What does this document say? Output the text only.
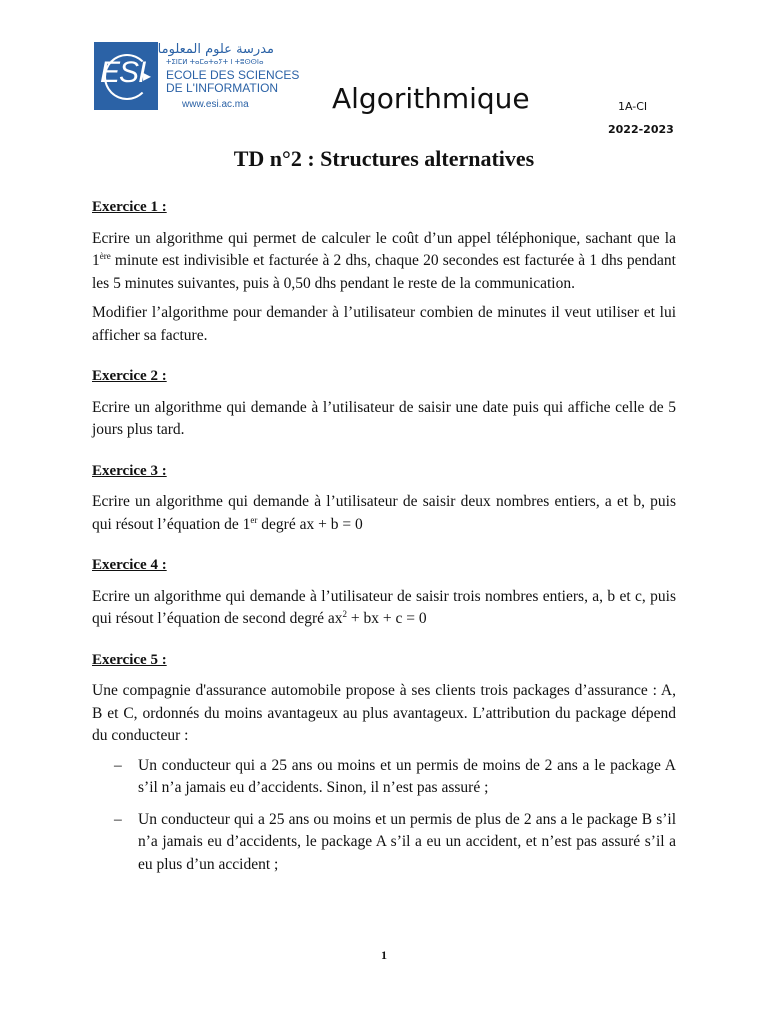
ESI
▸
مدرسة علوم المعلومات
ⵜⵉⵏⵎⵍ ⵜⴰⵎⴰⵜⴰⵢⵜ ⵏ ⵜⵓⵙⵙⵏⴰ
ECOLE DES SCIENCES
DE L'INFORMATION
www.esi.ac.ma	Algorithmique	1A-CI
2022-2023
TD n°2 : Structures alternatives
Exercice 1 :

Ecrire un algorithme qui permet de calculer le coût d’un appel téléphonique, sachant que la 1ère minute est indivisible et facturée à 2 dhs, chaque 20 secondes est facturée à 1 dhs pendant les 5 minutes suivantes, puis à 0,50 dhs pendant le reste de la communication.

Modifier l’algorithme pour demander à l’utilisateur combien de minutes il veut utiliser et lui afficher sa facture.

Exercice 2 :

Ecrire un algorithme qui demande à l’utilisateur de saisir une date puis qui affiche celle de 5 jours plus tard.

Exercice 3 :

Ecrire un algorithme qui demande à l’utilisateur de saisir deux nombres entiers, a et b, puis qui résout l’équation de 1er degré ax + b = 0

Exercice 4 :

Ecrire un algorithme qui demande à l’utilisateur de saisir trois nombres entiers, a, b et c, puis qui résout l’équation de second degré $ax^2$ + bx + c = 0

Exercice 5 :

Une compagnie d'assurance automobile propose à ses clients trois packages d’assurance : A, B et C, ordonnés du moins avantageux au plus avantageux. L’attribution du package dépend du conducteur :

– Un conducteur qui a 25 ans ou moins et un permis de moins de 2 ans a le package A s’il n’a jamais eu d’accidents. Sinon, il n’est pas assuré ;
– Un conducteur qui a 25 ans ou moins et un permis de plus de 2 ans a le package B s’il n’a jamais eu d’accidents, le package A s’il a eu un accident, et n’est pas assuré s’il a eu plus d’un accident ;
1
